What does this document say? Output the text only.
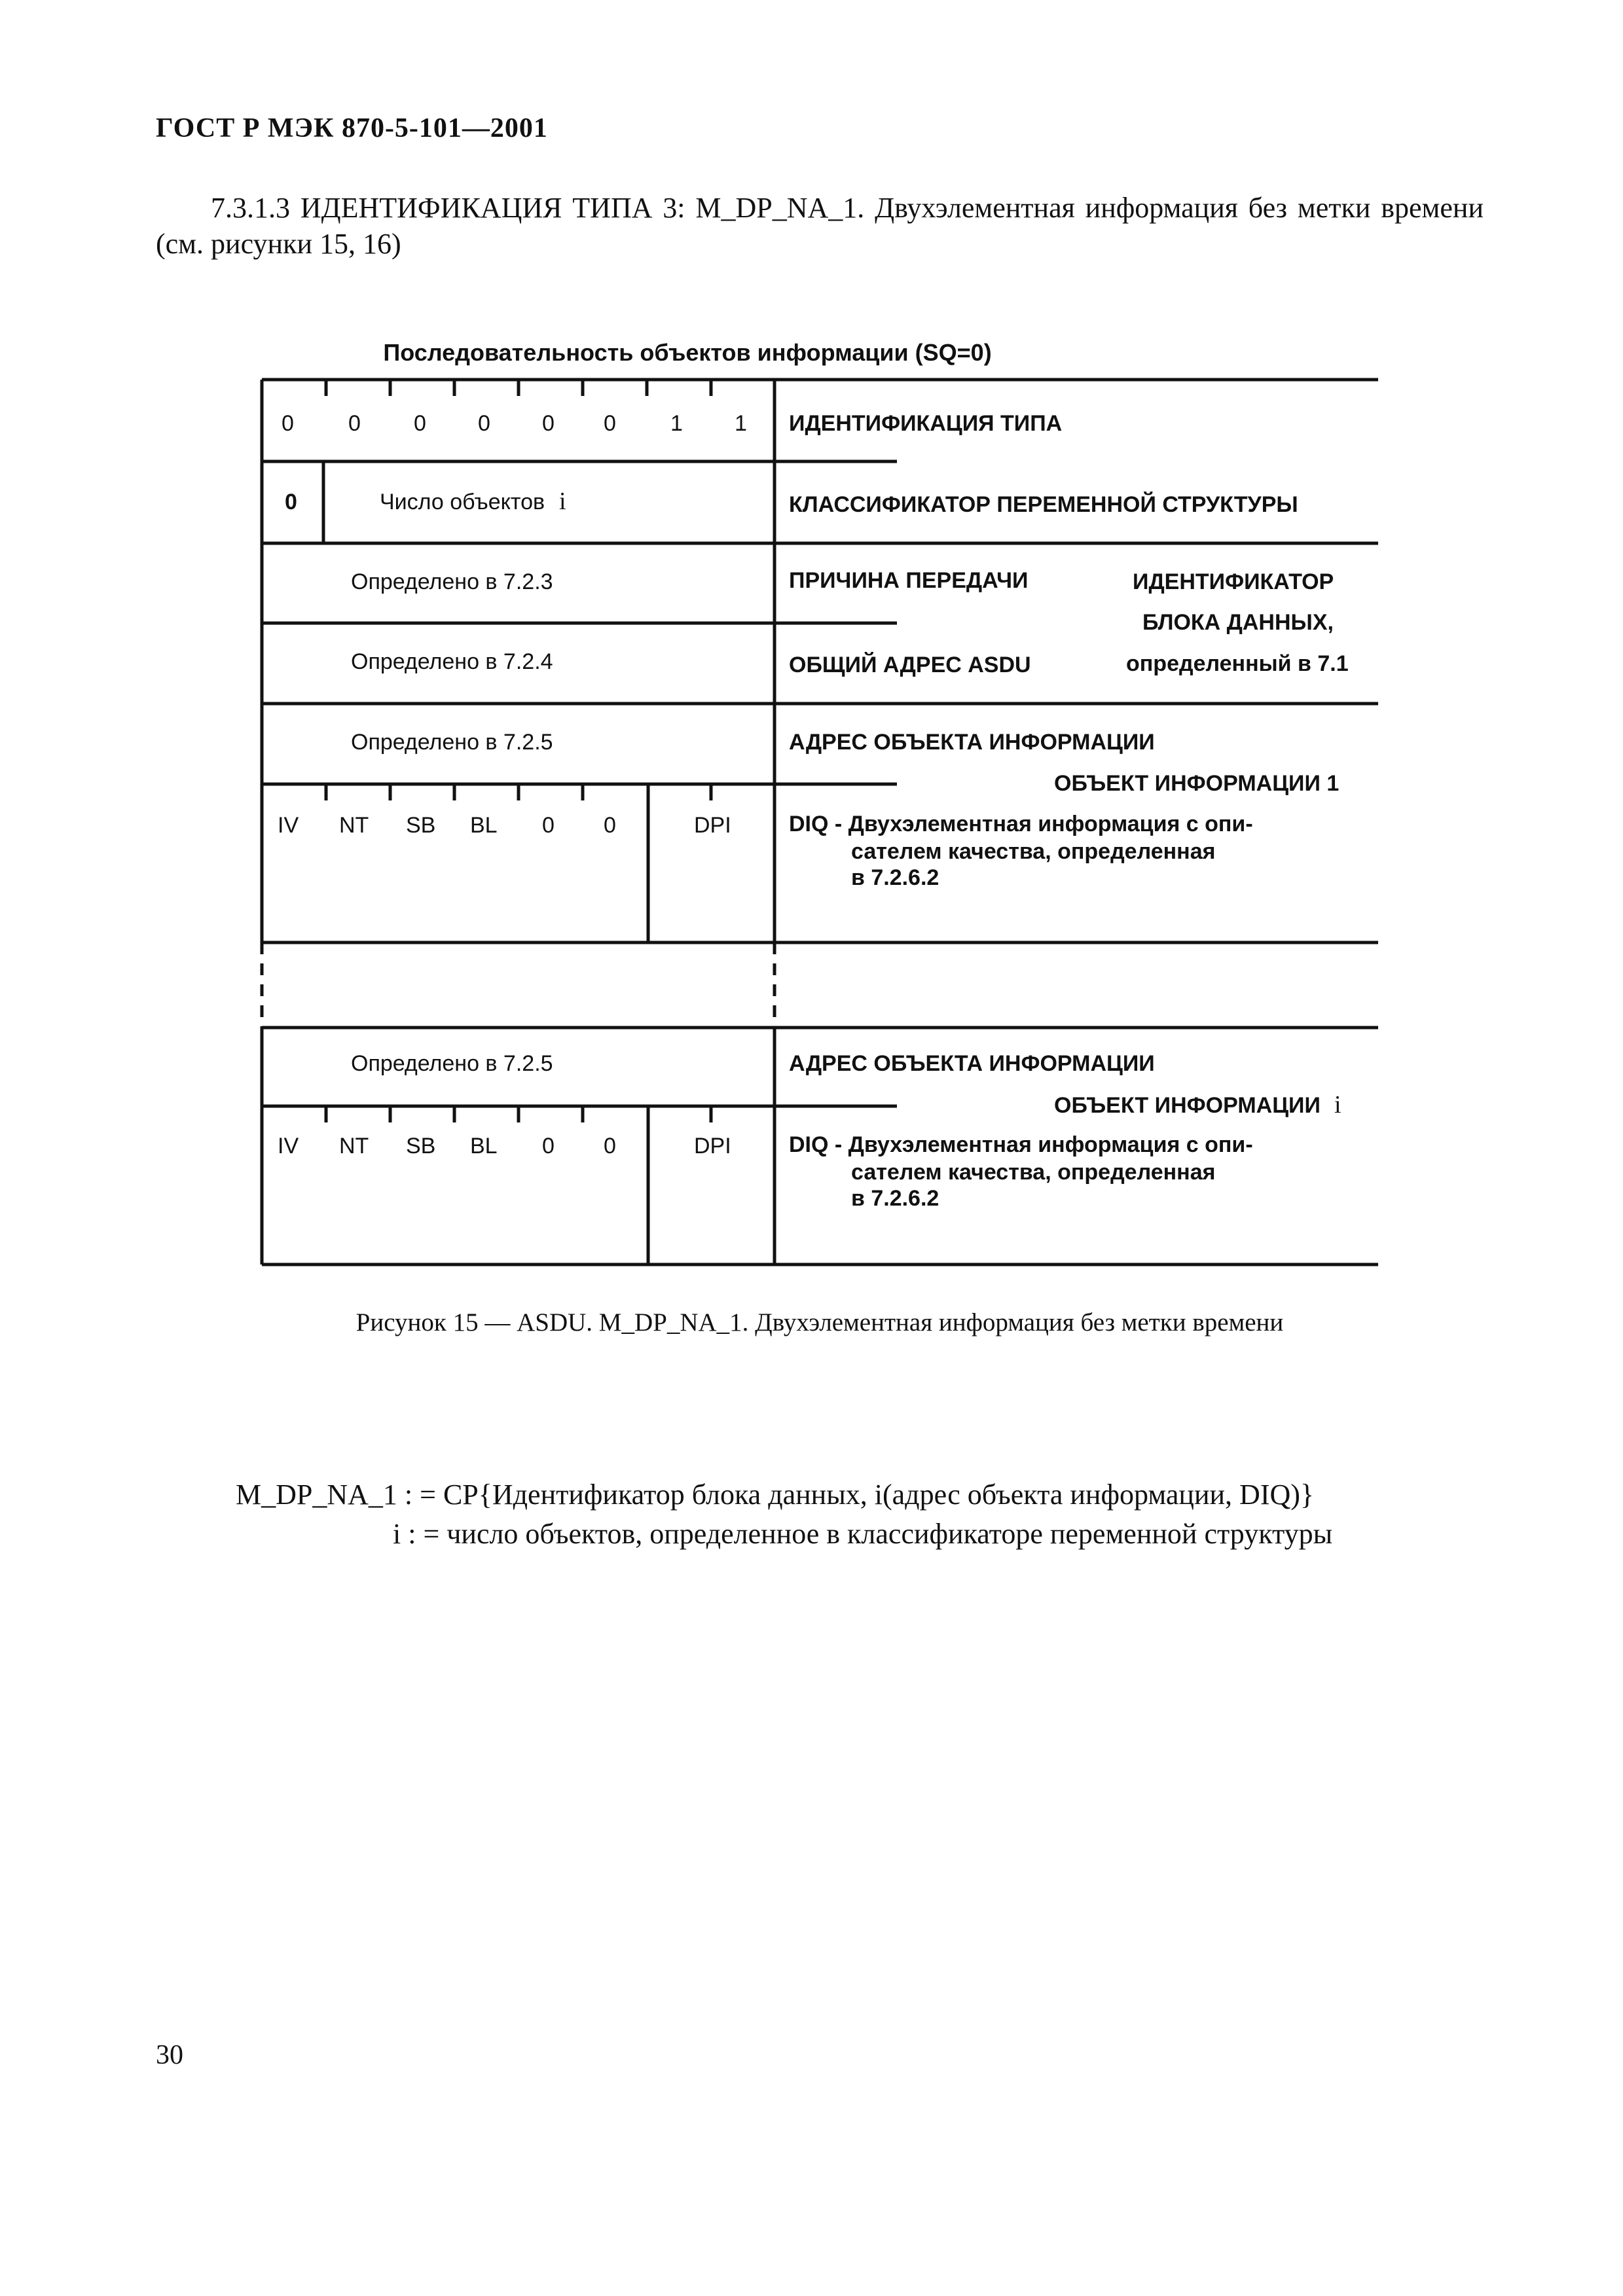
ГОСТ Р МЭК 870-5-101—2001
7.3.1.3 ИДЕНТИФИКАЦИЯ ТИПА 3: M_DP_NA_1. Двухэлементная информация без метки времени (см. рисунки 15, 16)
Последовательность объектов информации (SQ=0)
0 0 0 0 0 0 1 1 ИДЕНТИФИКАЦИЯ ТИПА
0	Число объектов i	КЛАССИФИКАТОР ПЕРЕМЕННОЙ СТРУКТУРЫ
Определено в 7.2.3	ПРИЧИНА ПЕРЕДАЧИ	ИДЕНТИФИКАТОР
БЛОКА ДАННЫХ,
определенный в 7.1
Определено в 7.2.4	ОБЩИЙ АДРЕС ASDU
Определено в 7.2.5	АДРЕС ОБЪЕКТА ИНФОРМАЦИИ
ОБЪЕКТ ИНФОРМАЦИИ 1
IV NT SB BL 0 0	DPI	DIQ - Двухэлементная информация с опи-
сателем качества, определенная
в 7.2.6.2
Определено в 7.2.5	АДРЕС ОБЪЕКТА ИНФОРМАЦИИ
ОБЪЕКТ ИНФОРМАЦИИ i
IV NT SB BL 0 0	DPI	DIQ - Двухэлементная информация с опи-
сателем качества, определенная
в 7.2.6.2
Рисунок 15 — ASDU. M_DP_NA_1. Двухэлементная информация без метки времени
M_DP_NA_1 : = CP{Идентификатор блока данных, i(адрес объекта информации, DIQ)}
i : = число объектов, определенное в классификаторе переменной структуры
30
